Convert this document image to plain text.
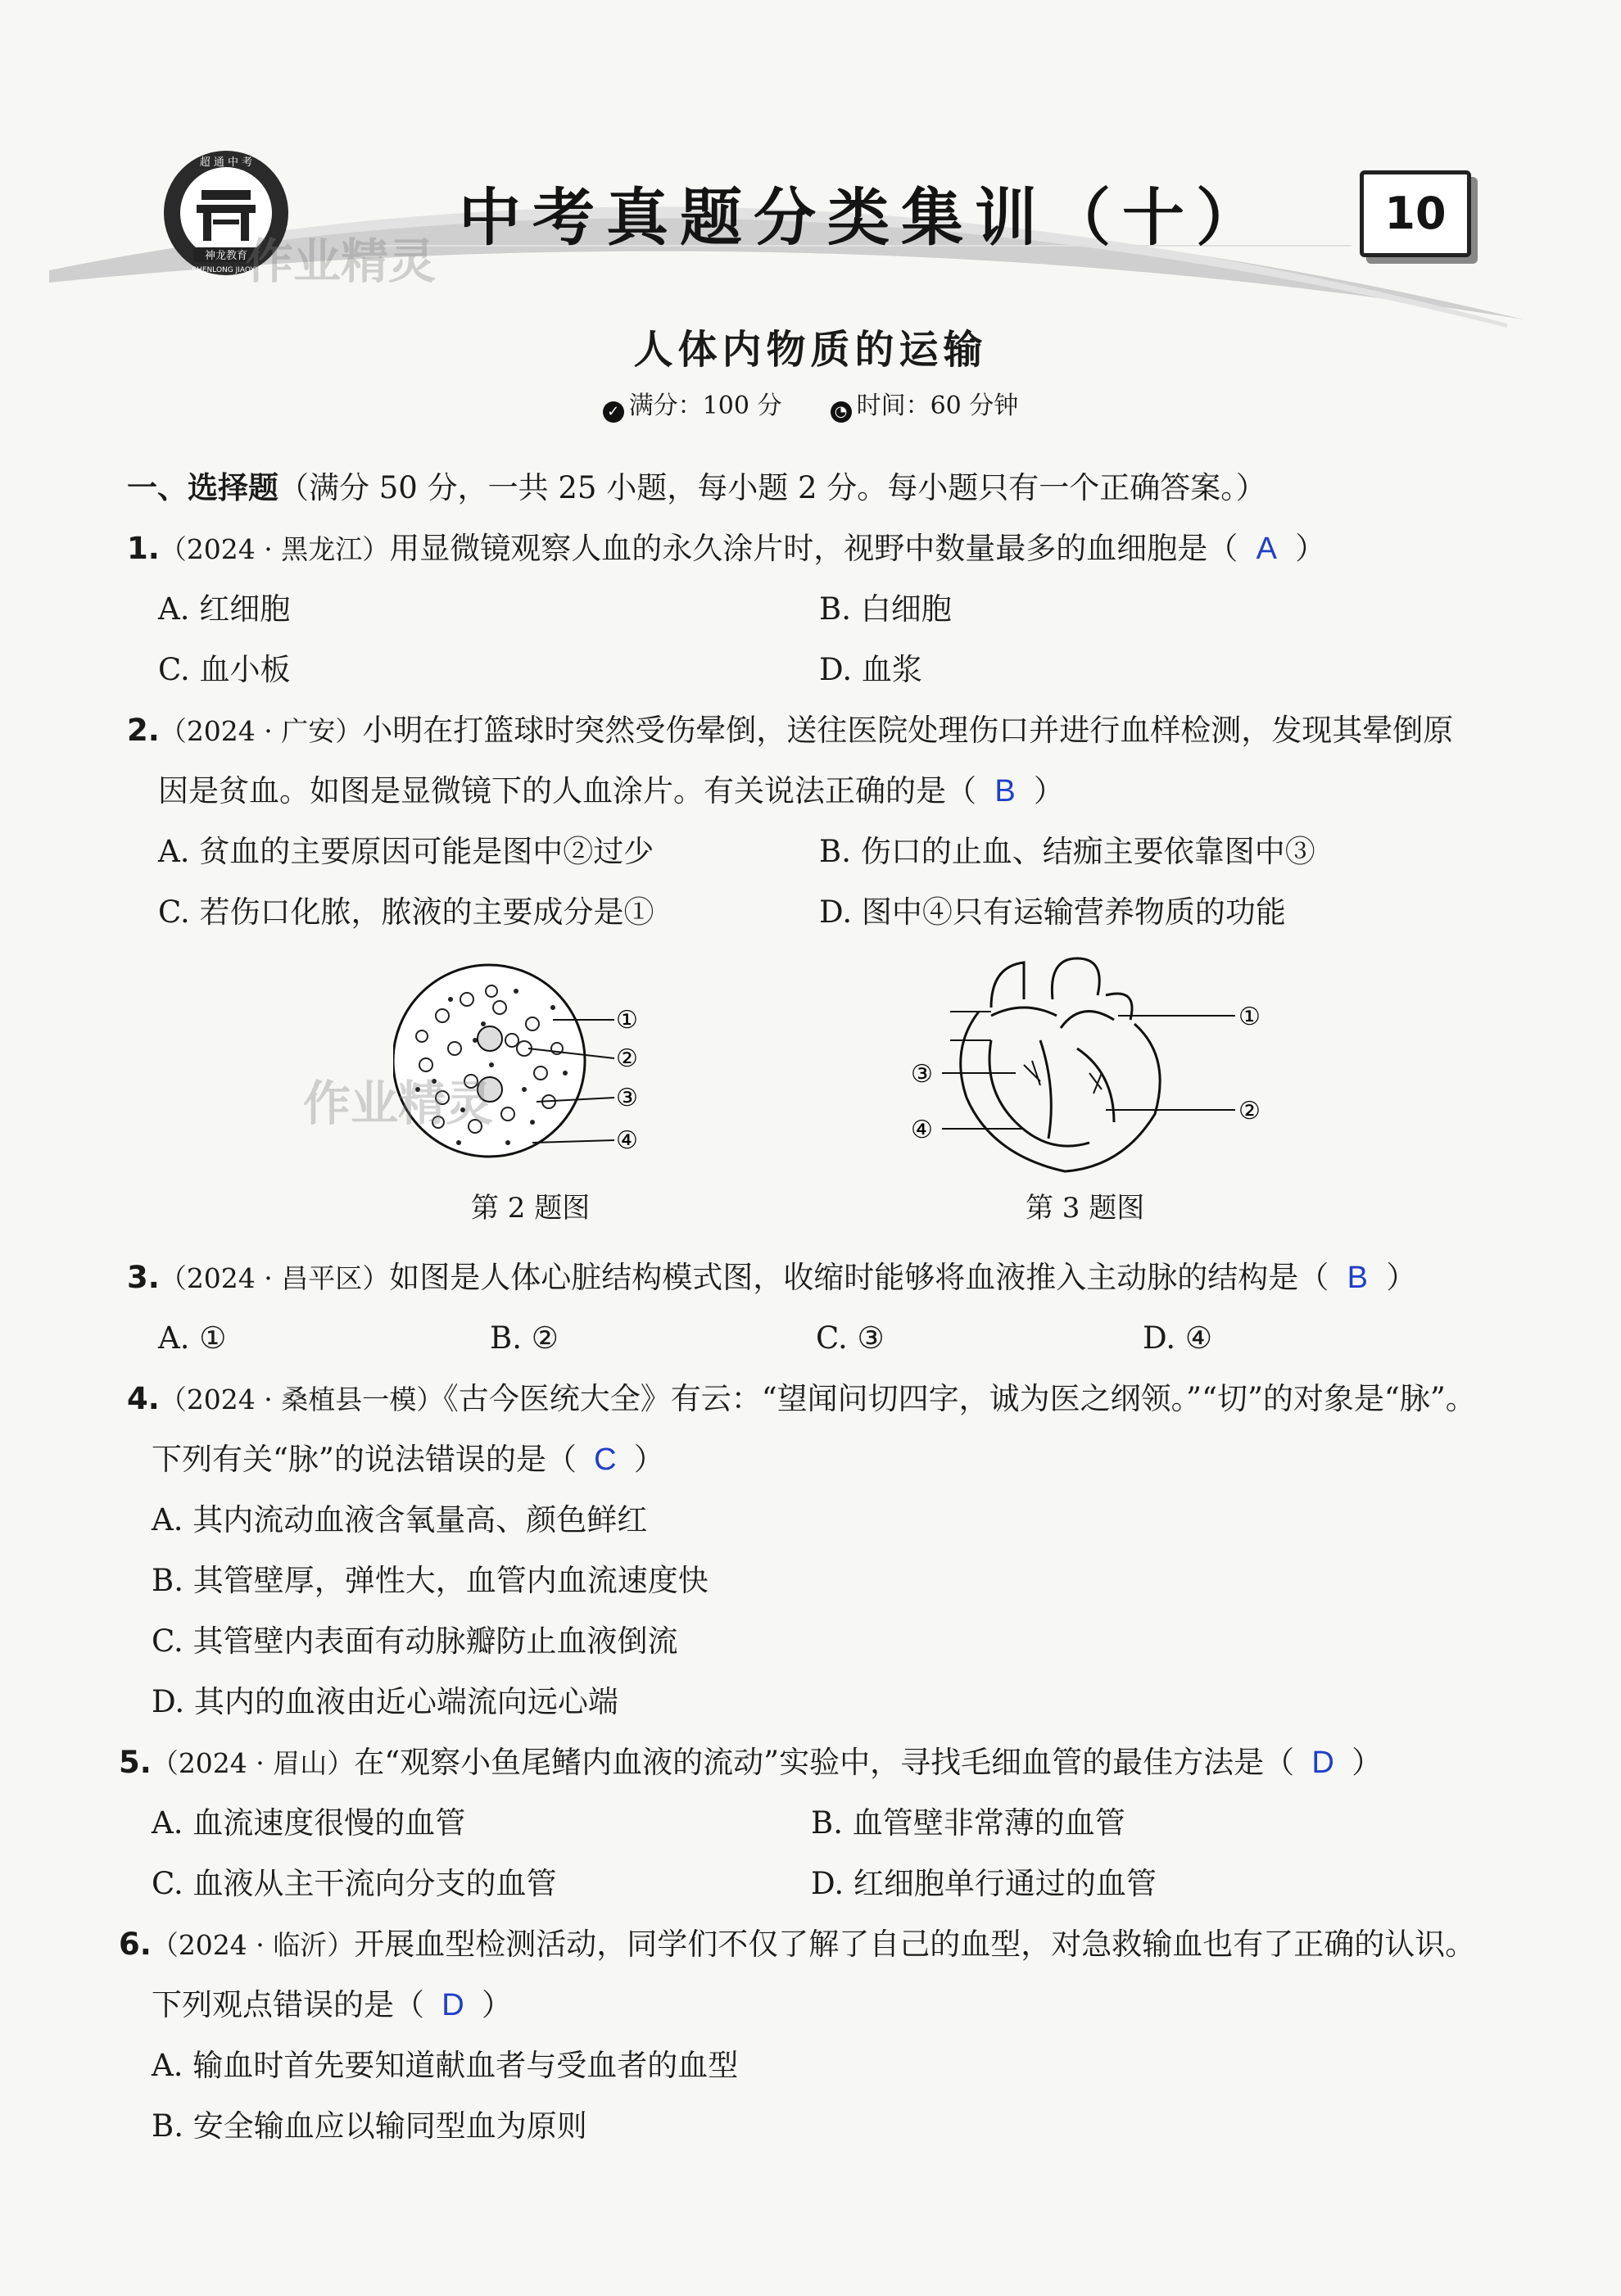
超 通 中 考
SHENLONG JIAOYU
神龙教育
中考真题分类集训（十）	10
作业精灵
人体内物质的运输
✓ 满分：100 分	◔ 时间：60 分钟
一、选择题（满分 50 分，一共 25 小题，每小题 2 分。每小题只有一个正确答案。）
1.（2024 · 黑龙江）用显微镜观察人血的永久涂片时，视野中数量最多的血细胞是（ A ）
A. 红细胞	B. 白细胞
C. 血小板	D. 血浆
2.（2024 · 广安）小明在打篮球时突然受伤晕倒，送往医院处理伤口并进行血样检测，发现其晕倒原
因是贫血。如图是显微镜下的人血涂片。有关说法正确的是（ B ）
A. 贫血的主要原因可能是图中②过少	B. 伤口的止血、结痂主要依靠图中③
C. 若伤口化脓，脓液的主要成分是①	D. 图中④只有运输营养物质的功能
①
②
③
④
作业精灵
第 2 题图
①
②
③
④
第 3 题图
3.（2024 · 昌平区）如图是人体心脏结构模式图，收缩时能够将血液推入主动脉的结构是（ B ）
A. ①	B. ②	C. ③	D. ④
4.（2024 · 桑植县一模）《古今医统大全》有云：“望闻问切四字，诚为医之纲领。”“切”的对象是“脉”。
下列有关“脉”的说法错误的是（ C ）
A. 其内流动血液含氧量高、颜色鲜红
B. 其管壁厚，弹性大，血管内血流速度快
C. 其管壁内表面有动脉瓣防止血液倒流
D. 其内的血液由近心端流向远心端
5.（2024 · 眉山）在“观察小鱼尾鳍内血液的流动”实验中，寻找毛细血管的最佳方法是（ D ）
A. 血流速度很慢的血管	B. 血管壁非常薄的血管
C. 血液从主干流向分支的血管	D. 红细胞单行通过的血管
6.（2024 · 临沂）开展血型检测活动，同学们不仅了解了自己的血型，对急救输血也有了正确的认识。
下列观点错误的是（ D ）
A. 输血时首先要知道献血者与受血者的血型
B. 安全输血应以输同型血为原则
